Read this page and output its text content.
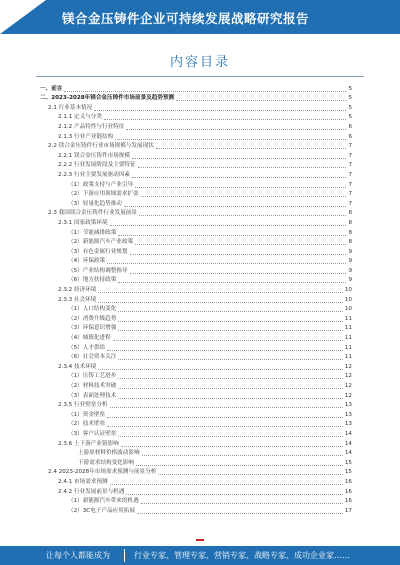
镁合金压铸件企业可持续发展战略研究报告
内容目录
一、前言	5
二、2023-2028年镁合金压铸件市场前景及趋势预测	5
2.1 行业基本情况	5
2.1.1 定义与分类	5
2.1.2 产品特性与行业特征	6
2.1.3 行业产业链结构	6
2.2 镁合金压铸件行业市场规模与发展现状	7
2.2.1 镁合金压铸件市场规模	7
2.2.2 行业发展阶段及主要特征	7
2.2.3 行业主要发展驱动因素	7
（1）政策支持与产业引导	7
（2）下游应用领域需求扩张	7
（3）轻量化趋势推动	7
2.3 我国镁合金压铸件行业发展前景	8
2.3.1 国家政策环境	8
（1）节能减排政策	8
（2）新能源汽车产业政策	8
（3）有色金属行业规划	9
（4）环保政策	9
（5）产业结构调整指导	9
（6）地方扶持政策	9
2.3.2 经济环境	10
2.3.3 社会环境	10
（1）人口结构变化	10
（2）消费升级趋势	11
（3）环保意识增强	11
（4）城镇化进程	11
（5）人才供给	11
（6）社会资本关注	11
2.3.4 技术环境	12
（1）压铸工艺进步	12
（2）材料技术突破	12
（3）表面处理技术	12
2.3.5 行业壁垒分析	13
（1）资金壁垒	13
（2）技术壁垒	13
（3）客户认证壁垒	14
2.3.6 上下游产业链影响	14
上游原材料价格波动影响	14
下游需求结构变化影响	15
2.4 2023-2028年市场需求预测与前景分析	15
2.4.1 市场需求预测	16
2.4.2 行业发展前景与机遇	16
（1）新能源汽车带来的机遇	16
（2）3C电子产品应用拓展	17
让每个人都能成为	行业专家、管理专家、营销专家、战略专家、成功企业家……
